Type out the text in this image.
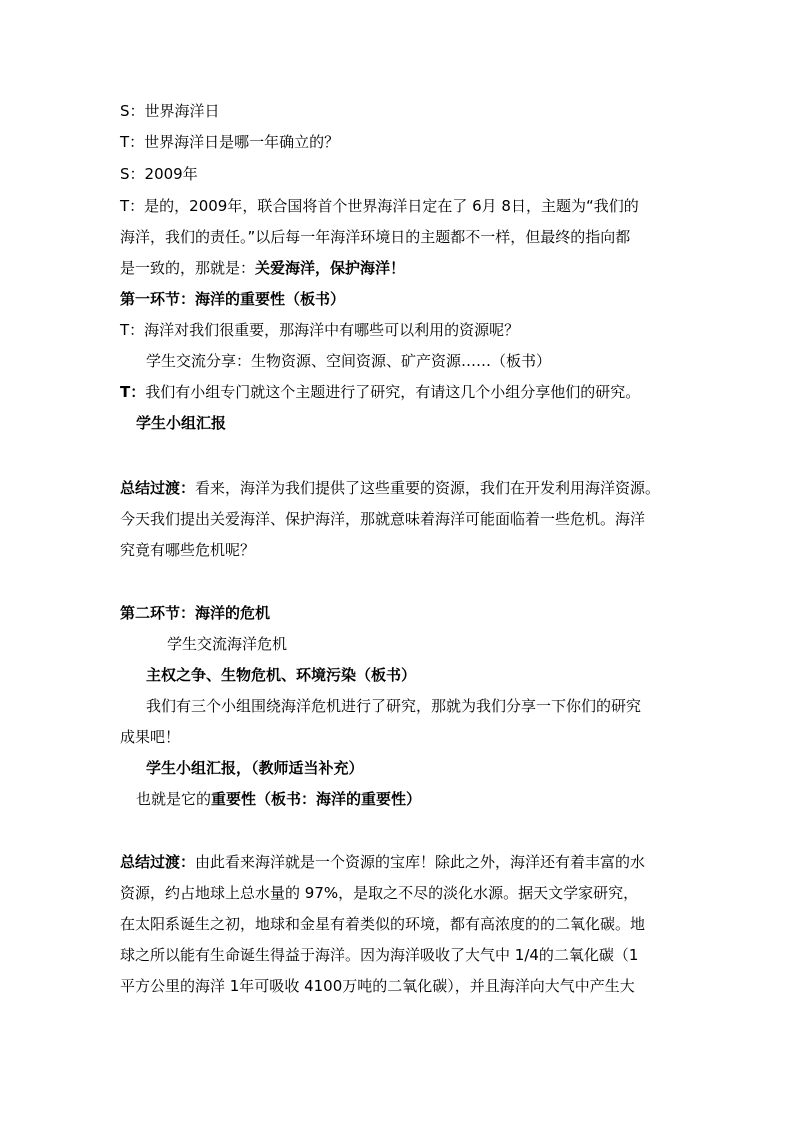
S：世界海洋日
T：世界海洋日是哪一年确立的？
S：2009年
T：是的，2009年，联合国将首个世界海洋日定在了 6月 8日，主题为“我们的
海洋，我们的责任。”以后每一年海洋环境日的主题都不一样，但最终的指向都
是一致的，那就是：关爱海洋，保护海洋！
第一环节：海洋的重要性（板书）
T：海洋对我们很重要，那海洋中有哪些可以利用的资源呢？
学生交流分享：生物资源、空间资源、矿产资源……（板书）
T：我们有小组专门就这个主题进行了研究，有请这几个小组分享他们的研究。
学生小组汇报
总结过渡：看来，海洋为我们提供了这些重要的资源，我们在开发利用海洋资源。
今天我们提出关爱海洋、保护海洋，那就意味着海洋可能面临着一些危机。海洋
究竟有哪些危机呢？
第二环节：海洋的危机
学生交流海洋危机
主权之争、生物危机、环境污染（板书）
我们有三个小组围绕海洋危机进行了研究，那就为我们分享一下你们的研究
成果吧！
学生小组汇报，（教师适当补充）
也就是它的重要性（板书：海洋的重要性）
总结过渡：由此看来海洋就是一个资源的宝库！除此之外，海洋还有着丰富的水
资源，约占地球上总水量的 97%，是取之不尽的淡化水源。据天文学家研究，
在太阳系诞生之初，地球和金星有着类似的环境，都有高浓度的的二氧化碳。地
球之所以能有生命诞生得益于海洋。因为海洋吸收了大气中 1/4的二氧化碳（1
平方公里的海洋 1年可吸收 4100万吨的二氧化碳），并且海洋向大气中产生大
